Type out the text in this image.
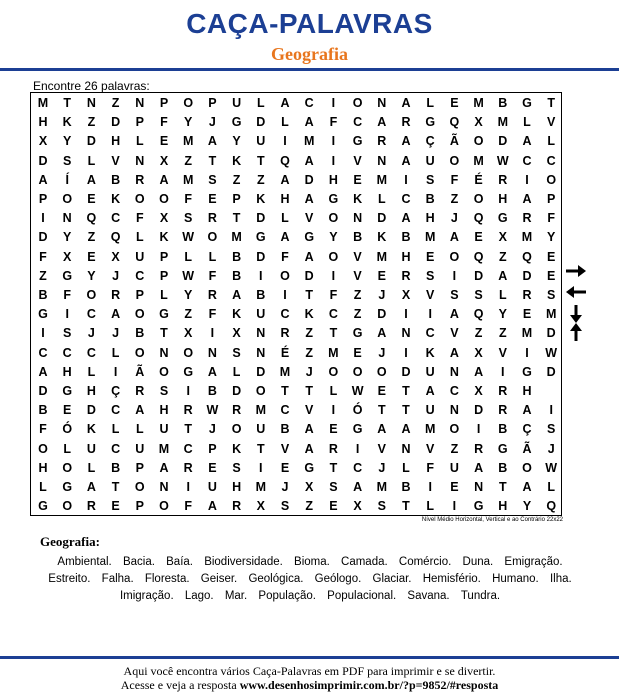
CAÇA-PALAVRAS
Geografia
Encontre 26 palavras:
M	T	N	Z	N	P	O	P	U	L	A	C	I	O	N	A	L	E	M	B	G	T
H	K	Z	D	P	F	Y	J	G	D	L	A	F	C	A	R	G	Q	X	M	L	V
X	Y	D	H	L	E	M	A	Y	U	I	M	I	G	R	A	Ç	Ã	O	D	A	L
D	S	L	V	N	X	Z	T	K	T	Q	A	I	V	N	A	U	O	M	W	C	C
A	Í	A	B	R	A	M	S	Z	Z	A	D	H	E	M	I	S	F	É	R	I	O
P	O	E	K	O	O	F	E	P	K	H	A	G	K	L	C	B	Z	O	H	A	P
I	N	Q	C	F	X	S	R	T	D	L	V	O	N	D	A	H	J	Q	G	R	F
D	Y	Z	Q	L	K	W	O	M	G	A	G	Y	B	K	B	M	A	E	X	M	Y
F	X	E	X	U	P	L	L	B	D	F	A	O	V	M	H	E	O	Q	Z	Q	E
Z	G	Y	J	C	P	W	F	B	I	O	D	I	V	E	R	S	I	D	A	D	E
B	F	O	R	P	L	Y	R	A	B	I	T	F	Z	J	X	V	S	S	L	R	S
G	I	C	A	O	G	Z	F	K	U	C	K	C	Z	D	I	I	A	Q	Y	E	M
I	S	J	J	B	T	X	I	X	N	R	Z	T	G	A	N	C	V	Z	Z	M	D
C	C	C	L	O	N	O	N	S	N	É	Z	M	E	J	I	K	A	X	V	I	W
A	H	L	I	Ã	O	G	A	L	D	M	J	O	O	O	D	U	N	A	I	G	D
D	G	H	Ç	R	S	I	B	D	O	T	T	L	W	E	T	A	C	X	R	H
B	E	D	C	A	H	R	W	R	M	C	V	I	Ó	T	T	U	N	D	R	A	I
F	Ó	K	L	L	U	T	J	O	U	B	A	E	G	A	A	M	O	I	B	Ç	S
O	L	U	C	U	M	C	P	K	T	V	A	R	I	V	N	V	Z	R	G	Ã	J
H	O	L	B	P	A	R	E	S	I	E	G	T	C	J	L	F	U	A	B	O	W
L	G	A	T	O	N	I	U	H	M	J	X	S	A	M	B	I	E	N	T	A	L
G	O	R	E	P	O	F	A	R	X	S	Z	E	X	S	T	L	I	G	H	Y	Q
Nível Médio Horizontal, Vertical e ao Contrário 22x22
Geografia:
Ambiental. Bacia. Baía. Biodiversidade. Bioma. Camada. Comércio. Duna. Emigração. Estreito. Falha. Floresta. Geiser. Geológica. Geólogo. Glaciar. Hemisfério. Humano. Ilha. Imigração. Lago. Mar. População. Populacional. Savana. Tundra.
Aqui você encontra vários Caça-Palavras em PDF para imprimir e se divertir.
Acesse e veja a resposta www.desenhosimprimir.com.br/?p=9852/#resposta
